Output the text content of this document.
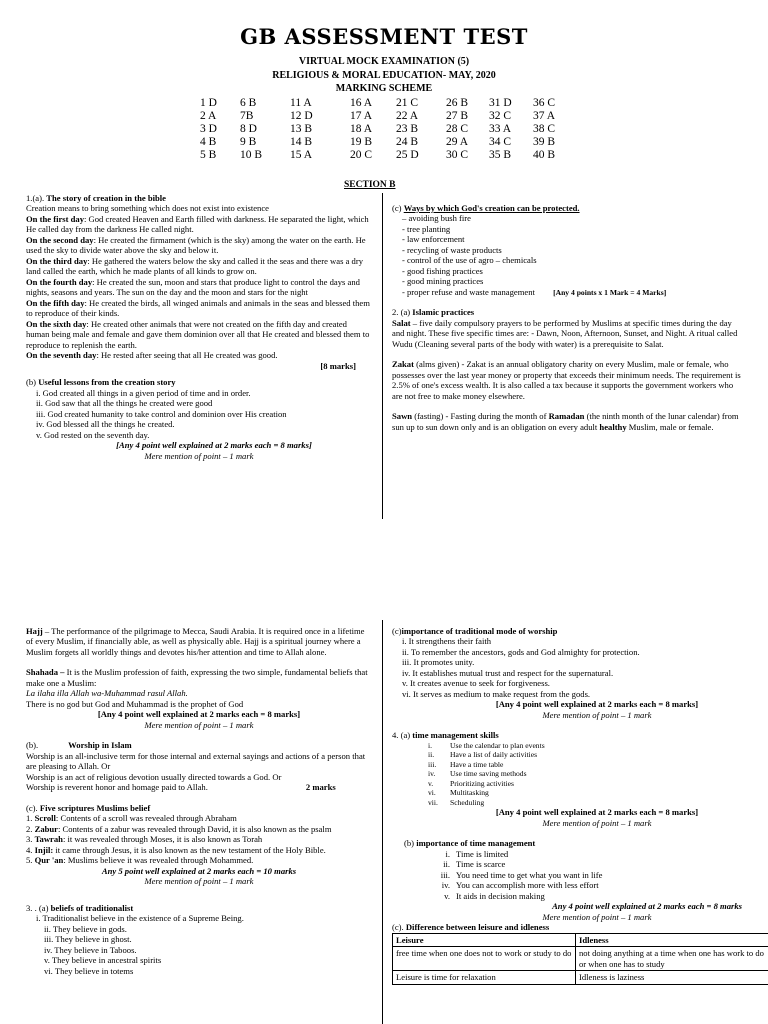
GB ASSESSMENT TEST
VIRTUAL MOCK EXAMINATION (5)
RELIGIOUS & MORAL EDUCATION- MAY, 2020
MARKING SCHEME
1 D	6 B	11 A	16 A	21 C	26 B	31 D	36 C
2 A	7B	12 D	17 A	22 A	27 B	32 C	37 A
3 D	8 D	13 B	18 A	23 B	28 C	33 A	38 C
4 B	9 B	14 B	19 B	24 B	29 A	34 C	39 B
5 B	10 B	15 A	20 C	25 D	30 C	35 B	40 B
SECTION B

1.(a). The story of creation in the bible

Creation means to bring something which does not exist into existence

On the first day: God created Heaven and Earth filled with darkness. He separated the light, which He called day from the darkness He called night.

On the second day: He created the firmament (which is the sky) among the water on the earth. He used the sky to divide water above the sky and below it.

On the third day: He gathered the waters below the sky and called it the seas and there was a dry land called the earth, which he made plants of all kinds to grow on.

On the fourth day: He created the sun, moon and stars that produce light to control the days and nights, seasons and years. The sun on the day and the moon and stars for the night

On the fifth day: He created the birds, all winged animals and animals in the seas and blessed them to reproduce of their kinds.

On the sixth day: He created other animals that were not created on the fifth day and created human being male and female and gave them dominion over all that He created and blessed them to reproduce to replenish the earth.

On the seventh day: He rested after seeing that all He created was good.

[8 marks]

(b) Useful lessons from the creation story

i. God created all things in a given period of time and in order.

ii. God saw that all the things he created were good

iii. God created humanity to take control and dominion over His creation

iv. God blessed all the things he created.

v. God rested on the seventh day.

[Any 4 point well explained at 2 marks each = 8 marks]

Mere mention of point – 1 mark

(c) Ways by which God's creation can be protected.

– avoiding bush fire

- tree planting

- law enforcement

- recycling of waste products

- control of the use of agro – chemicals

- good fishing practices

- good mining practices

- proper refuse and waste management [Any 4 points x 1 Mark = 4 Marks]

2. (a) Islamic practices

Salat – five daily compulsory prayers to be performed by Muslims at specific times during the day and night. These five specific times are: - Dawn, Noon, Afternoon, Sunset, and Night. A ritual called Wudu (Cleaning several parts of the body with water) is a prerequisite to Salat.

Zakat (alms given) - Zakat is an annual obligatory charity on every Muslim, male or female, who possesses over the last year money or property that exceeds their minimum needs. The requirement is 2.5% of one's excess wealth. It is also called a tax because it supports the government workers who are not free to make money elsewhere.

Sawn (fasting) - Fasting during the month of Ramadan (the ninth month of the lunar calendar) from sun up to sun down only and is an obligation on every adult healthy Muslim, male or female.

Hajj – The performance of the pilgrimage to Mecca, Saudi Arabia. It is required once in a lifetime of every Muslim, if financially able, as well as physically able. Hajj is a spiritual journey where a Muslim forgets all worldly things and devotes his/her attention and time to Allah alone.

Shahada – It is the Muslim profession of faith, expressing the two simple, fundamental beliefs that make one a Muslim:

La ilaha illa Allah wa-Muhammad rasul Allah.

There is no god but God and Muhammad is the prophet of God

[Any 4 point well explained at 2 marks each = 8 marks]

Mere mention of point – 1 mark

(b).	Worship in Islam

Worship is an all-inclusive term for those internal and external sayings and actions of a person that are pleasing to Allah. Or

Worship is an act of religious devotion usually directed towards a God. Or

Worship is reverent honor and homage paid to Allah.	2 marks

(c). Five scriptures Muslims belief

1. Scroll: Contents of a scroll was revealed through Abraham

2. Zabur: Contents of a zabur was revealed through David, it is also known as the psalm

3. Tawrah: it was revealed through Moses, it is also known as Torah

4. Injil: it came through Jesus, it is also known as the new testament of the Holy Bible.

5. Qur 'an: Muslims believe it was revealed through Mohammed.

Any 5 point well explained at 2 marks each = 10 marks

Mere mention of point – 1 mark

3. . (a) beliefs of traditionalist

i. Traditionalist believe in the existence of a Supreme Being.

ii. They believe in gods.

iii. They believe in ghost.

iv. They believe in Taboos.

v. They believe in ancestral spirits

vi. They believe in totems

(c)importance of traditional mode of worship

i. It strengthens their faith

ii. To remember the ancestors, gods and God almighty for protection.

iii. It promotes unity.

iv. It establishes mutual trust and respect for the supernatural.

v. It creates avenue to seek for forgiveness.

vi. It serves as medium to make request from the gods.

[Any 4 point well explained at 2 marks each = 8 marks]

Mere mention of point – 1 mark

4. (a) time management skills

i. Use the calendar to plan events

ii. Have a list of daily activities

iii. Have a time table

iv. Use time saving methods

v. Prioritizing activities

vi. Multitasking

vii. Scheduling

[Any 4 point well explained at 2 marks each = 8 marks]

Mere mention of point – 1 mark

(b) importance of time management

i. Time is limited

ii. Time is scarce

iii. You need time to get what you want in life

iv. You can accomplish more with less effort

v. It aids in decision making

Any 4 point well explained at 2 marks each = 8 marks

Mere mention of point – 1 mark

(c). Difference between leisure and idleness

Leisure	Idleness
free time when one does not to work or study to do	not doing anything at a time when one has work to do or when one has to study
Leisure is time for relaxation	Idleness is laziness
